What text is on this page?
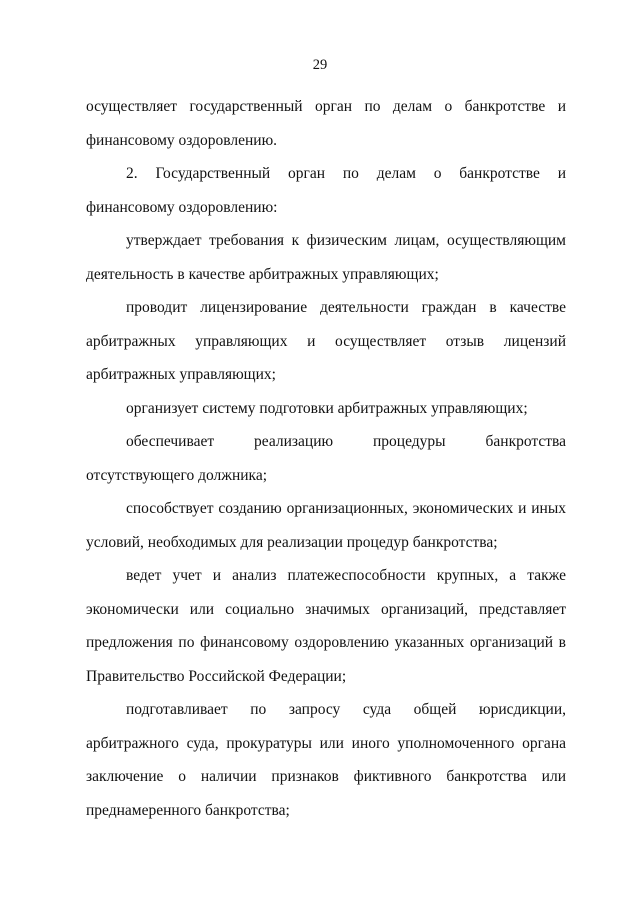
29
осуществляет государственный орган по делам о банкротстве и
финансовому оздоровлению.
2. Государственный орган по делам о банкротстве и
финансовому оздоровлению:
утверждает требования к физическим лицам, осуществляющим
деятельность в качестве арбитражных управляющих;
проводит лицензирование деятельности граждан в качестве
арбитражных управляющих и осуществляет отзыв лицензий
арбитражных управляющих;
организует систему подготовки арбитражных управляющих;
обеспечивает реализацию процедуры банкротства
отсутствующего должника;
способствует созданию организационных, экономических и иных
условий, необходимых для реализации процедур банкротства;
ведет учет и анализ платежеспособности крупных, а также
экономически или социально значимых организаций, представляет
предложения по финансовому оздоровлению указанных организаций в
Правительство Российской Федерации;
подготавливает по запросу суда общей юрисдикции,
арбитражного суда, прокуратуры или иного уполномоченного органа
заключение о наличии признаков фиктивного банкротства или
преднамеренного банкротства;
